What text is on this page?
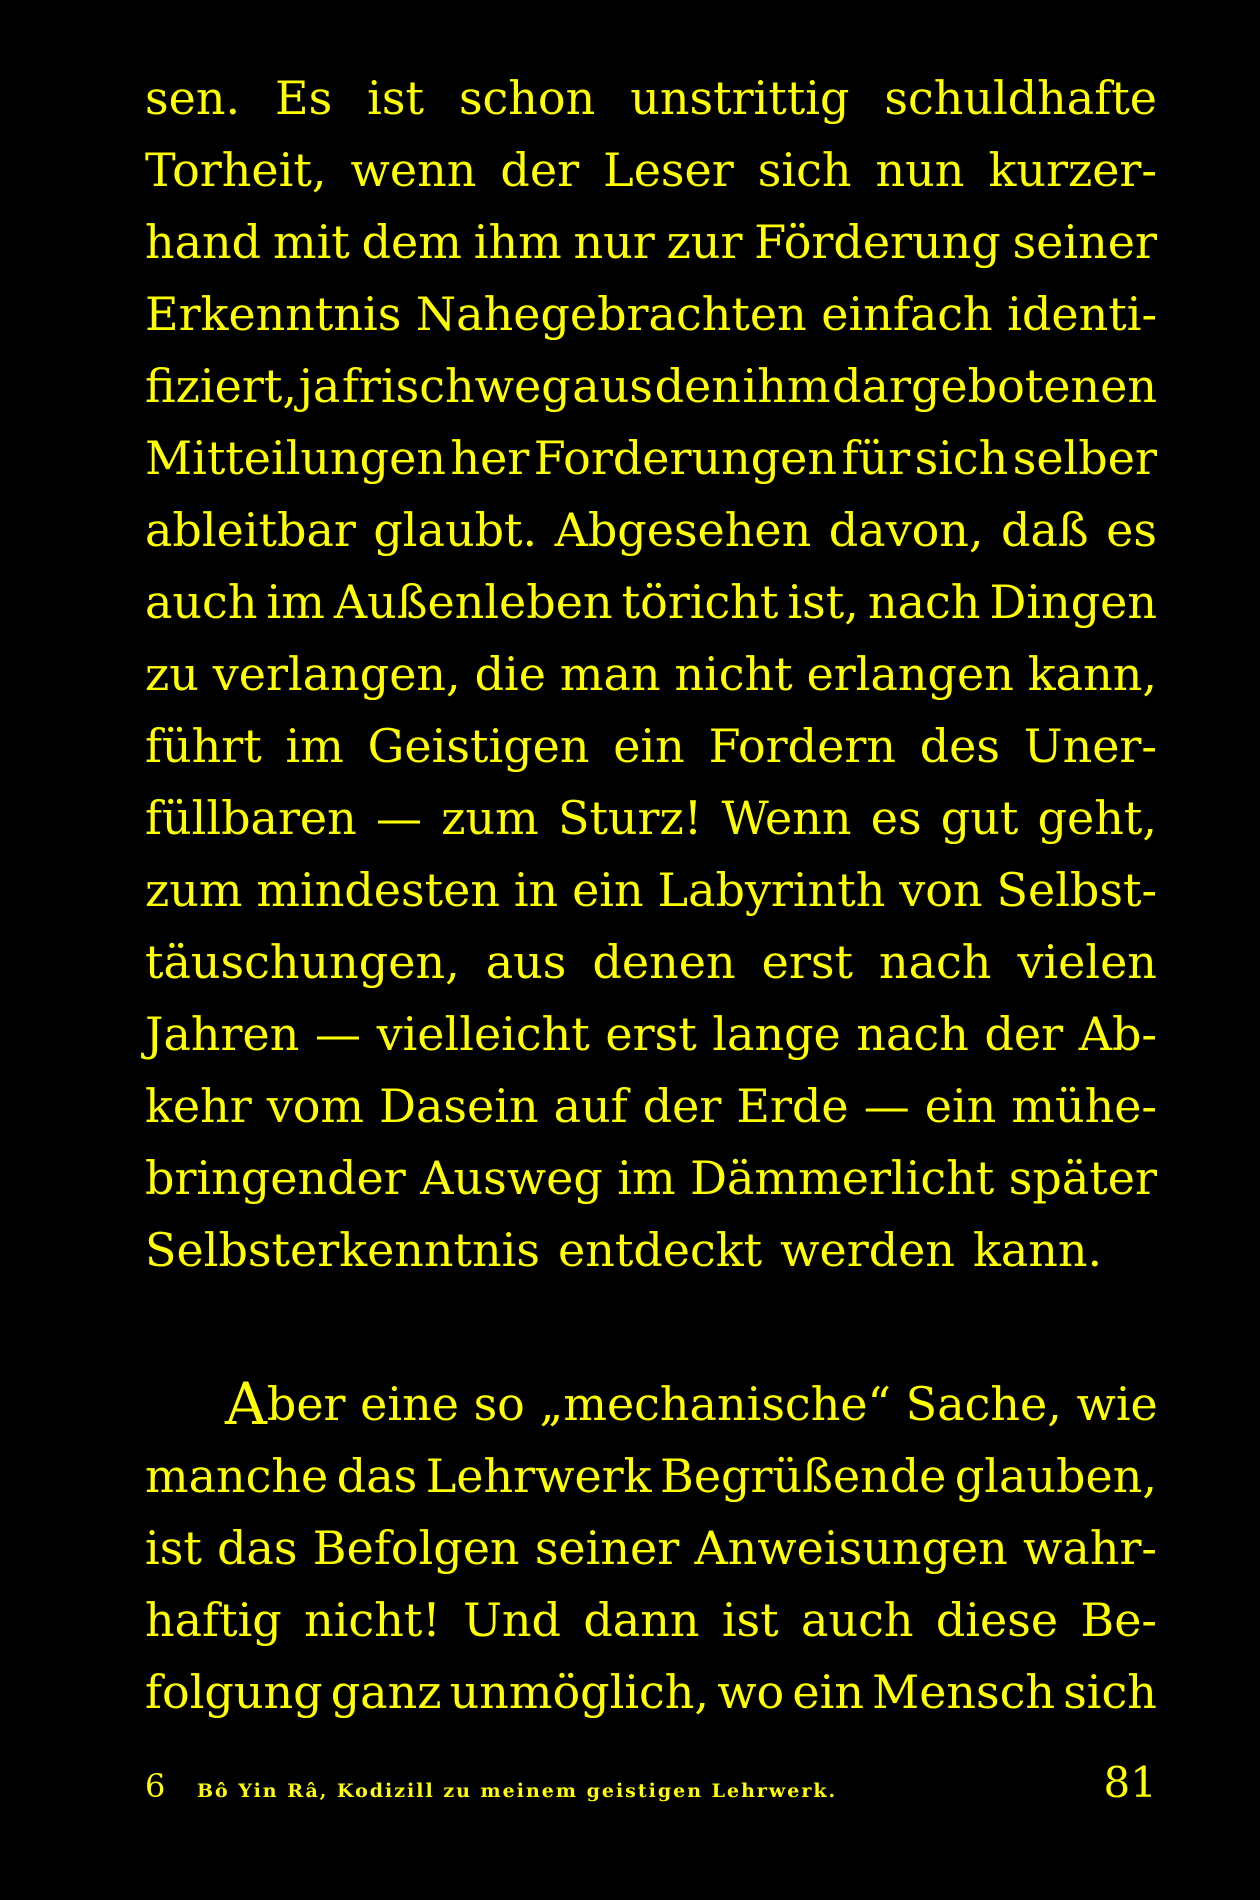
sen. Es ist schon unstrittig schuldhafte
Torheit, wenn der Leser sich nun kurzer-
hand mit dem ihm nur zur Förderung seiner
Erkenntnis Nahegebrachten einfach identi-
fiziert, ja frischweg aus den ihm dargebotenen
Mitteilungen her Forderungen für sich selber
ableitbar glaubt. Abgesehen davon, daß es
auch im Außenleben töricht ist, nach Dingen
zu verlangen, die man nicht erlangen kann,
führt im Geistigen ein Fordern des Uner-
füllbaren — zum Sturz! Wenn es gut geht,
zum mindesten in ein Labyrinth von Selbst-
täuschungen, aus denen erst nach vielen
Jahren — vielleicht erst lange nach der Ab-
kehr vom Dasein auf der Erde — ein mühe-
bringender Ausweg im Dämmerlicht später
Selbsterkenntnis entdeckt werden kann.
A ber eine so „mechanische“ Sache, wie
manche das Lehrwerk Begrüßende glauben,
ist das Befolgen seiner Anweisungen wahr-
haftig nicht! Und dann ist auch diese Be-
folgung ganz unmöglich, wo ein Mensch sich
6	Bô Yin Râ, Kodizill zu meinem geistigen Lehrwerk.	81
